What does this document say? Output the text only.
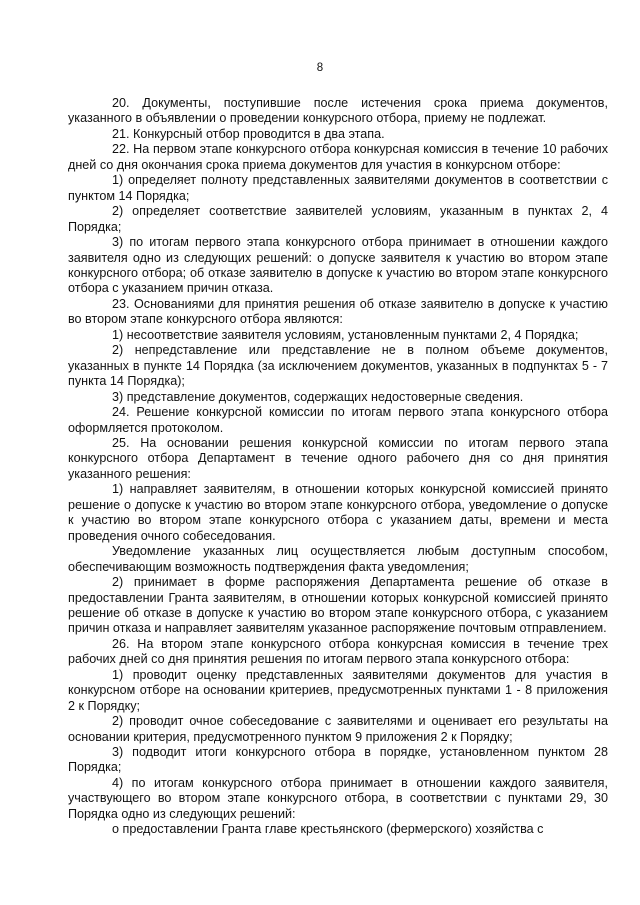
8

20. Документы, поступившие после истечения срока приема документов, указанного в объявлении о проведении конкурсного отбора, приему не подлежат.

21. Конкурсный отбор проводится в два этапа.

22. На первом этапе конкурсного отбора конкурсная комиссия в течение 10 рабочих дней со дня окончания срока приема документов для участия в конкурсном отборе:

1) определяет полноту представленных заявителями документов в соответствии с пунктом 14 Порядка;

2) определяет соответствие заявителей условиям, указанным в пунктах 2, 4 Порядка;

3) по итогам первого этапа конкурсного отбора принимает в отношении каждого заявителя одно из следующих решений: о допуске заявителя к участию во втором этапе конкурсного отбора; об отказе заявителю в допуске к участию во втором этапе конкурсного отбора с указанием причин отказа.

23. Основаниями для принятия решения об отказе заявителю в допуске к участию во втором этапе конкурсного отбора являются:

1) несоответствие заявителя условиям, установленным пунктами 2, 4 Порядка;

2) непредставление или представление не в полном объеме документов, указанных в пункте 14 Порядка (за исключением документов, указанных в подпунктах 5 - 7 пункта 14 Порядка);

3) представление документов, содержащих недостоверные сведения.

24. Решение конкурсной комиссии по итогам первого этапа конкурсного отбора оформляется протоколом.

25. На основании решения конкурсной комиссии по итогам первого этапа конкурсного отбора Департамент в течение одного рабочего дня со дня принятия указанного решения:

1) направляет заявителям, в отношении которых конкурсной комиссией принято решение о допуске к участию во втором этапе конкурсного отбора, уведомление о допуске к участию во втором этапе конкурсного отбора с указанием даты, времени и места проведения очного собеседования.

Уведомление указанных лиц осуществляется любым доступным способом, обеспечивающим возможность подтверждения факта уведомления;

2) принимает в форме распоряжения Департамента решение об отказе в предоставлении Гранта заявителям, в отношении которых конкурсной комиссией принято решение об отказе в допуске к участию во втором этапе конкурсного отбора, с указанием причин отказа и направляет заявителям указанное распоряжение почтовым отправлением.

26. На втором этапе конкурсного отбора конкурсная комиссия в течение трех рабочих дней со дня принятия решения по итогам первого этапа конкурсного отбора:

1) проводит оценку представленных заявителями документов для участия в конкурсном отборе на основании критериев, предусмотренных пунктами 1 - 8 приложения 2 к Порядку;

2) проводит очное собеседование с заявителями и оценивает его результаты на основании критерия, предусмотренного пунктом 9 приложения 2 к Порядку;

3) подводит итоги конкурсного отбора в порядке, установленном пунктом 28 Порядка;

4) по итогам конкурсного отбора принимает в отношении каждого заявителя, участвующего во втором этапе конкурсного отбора, в соответствии с пунктами 29, 30 Порядка одно из следующих решений:

о предоставлении Гранта главе крестьянского (фермерского) хозяйства с
